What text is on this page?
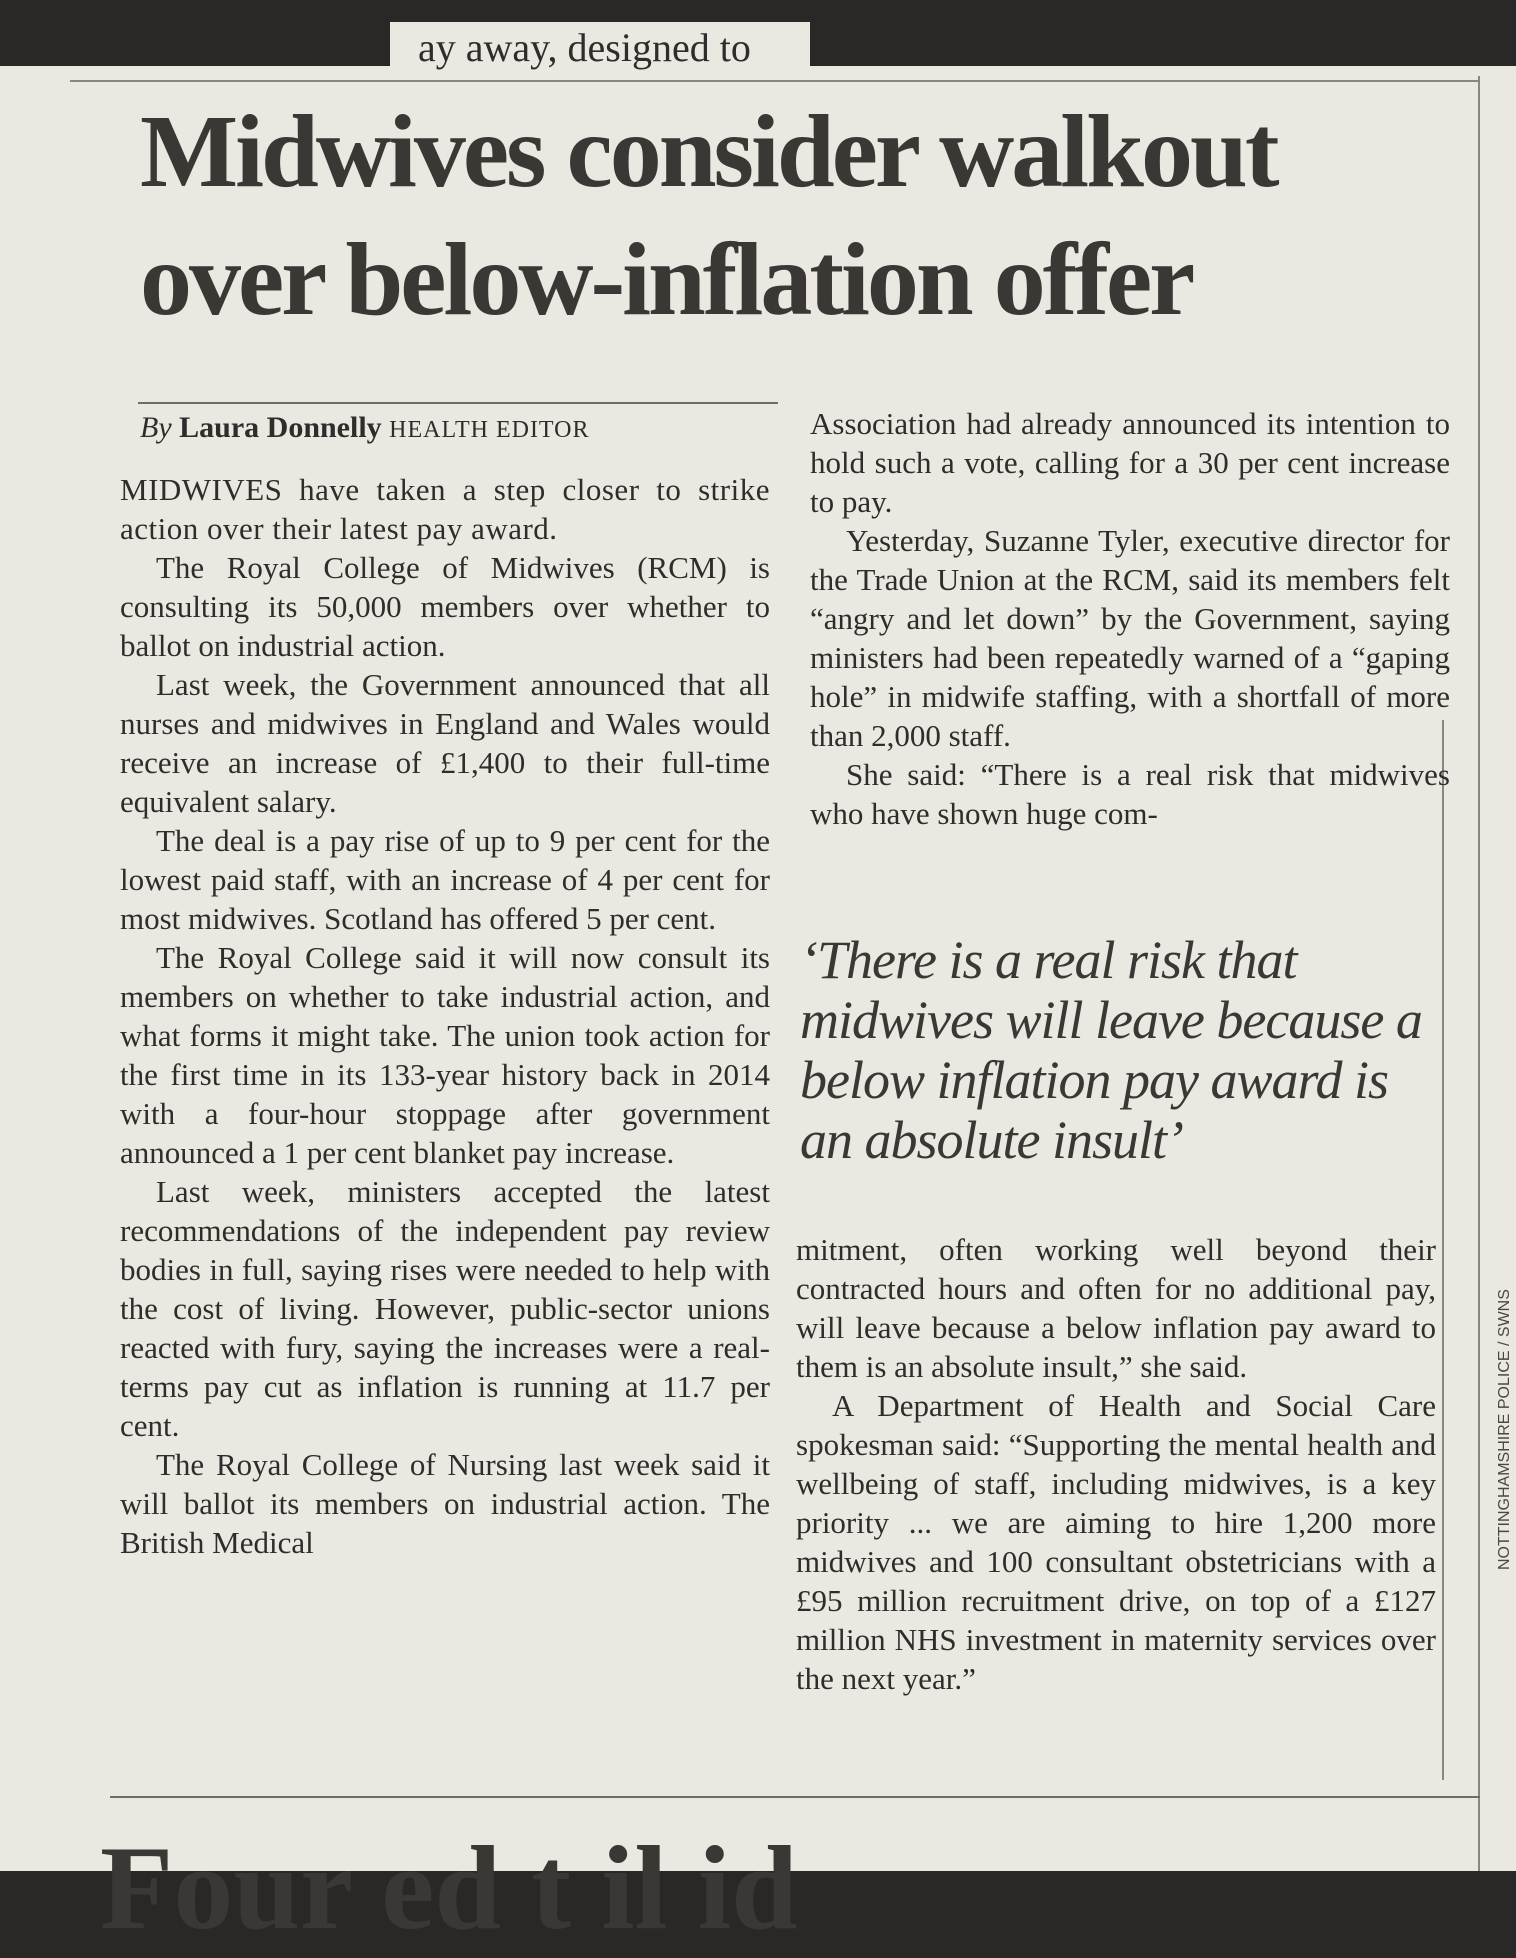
ay away, designed to
Midwives consider walkout over below-inflation offer
By Laura Donnelly HEALTH EDITOR

MIDWIVES have taken a step closer to strike action over their latest pay award.

The Royal College of Midwives (RCM) is consulting its 50,000 members over whether to ballot on industrial action.

Last week, the Government announced that all nurses and midwives in England and Wales would receive an increase of £1,400 to their full-time equivalent salary.

The deal is a pay rise of up to 9 per cent for the lowest paid staff, with an increase of 4 per cent for most midwives. Scotland has offered 5 per cent.

The Royal College said it will now consult its members on whether to take industrial action, and what forms it might take. The union took action for the first time in its 133-year history back in 2014 with a four-hour stoppage after government announced a 1 per cent blanket pay increase.

Last week, ministers accepted the latest recommendations of the independent pay review bodies in full, saying rises were needed to help with the cost of living. However, public-sector unions reacted with fury, saying the increases were a real-terms pay cut as inflation is running at 11.7 per cent.

The Royal College of Nursing last week said it will ballot its members on industrial action. The British Medical

Association had already announced its intention to hold such a vote, calling for a 30 per cent increase to pay.

Yesterday, Suzanne Tyler, executive director for the Trade Union at the RCM, said its members felt “angry and let down” by the Government, saying ministers had been repeatedly warned of a “gaping hole” in midwife staffing, with a shortfall of more than 2,000 staff.

She said: “There is a real risk that midwives who have shown huge com-

‘There is a real risk that midwives will leave because a below inflation pay award is an absolute insult’

mitment, often working well beyond their contracted hours and often for no additional pay, will leave because a below inflation pay award to them is an absolute insult,” she said.

A Department of Health and Social Care spokesman said: “Supporting the mental health and wellbeing of staff, including midwives, is a key priority ... we are aiming to hire 1,200 more midwives and 100 consultant obstetricians with a £95 million recruitment drive, on top of a £127 million NHS investment in maternity services over the next year.”

NOTTINGHAMSHIRE POLICE / SWNS
Four ed t il id
